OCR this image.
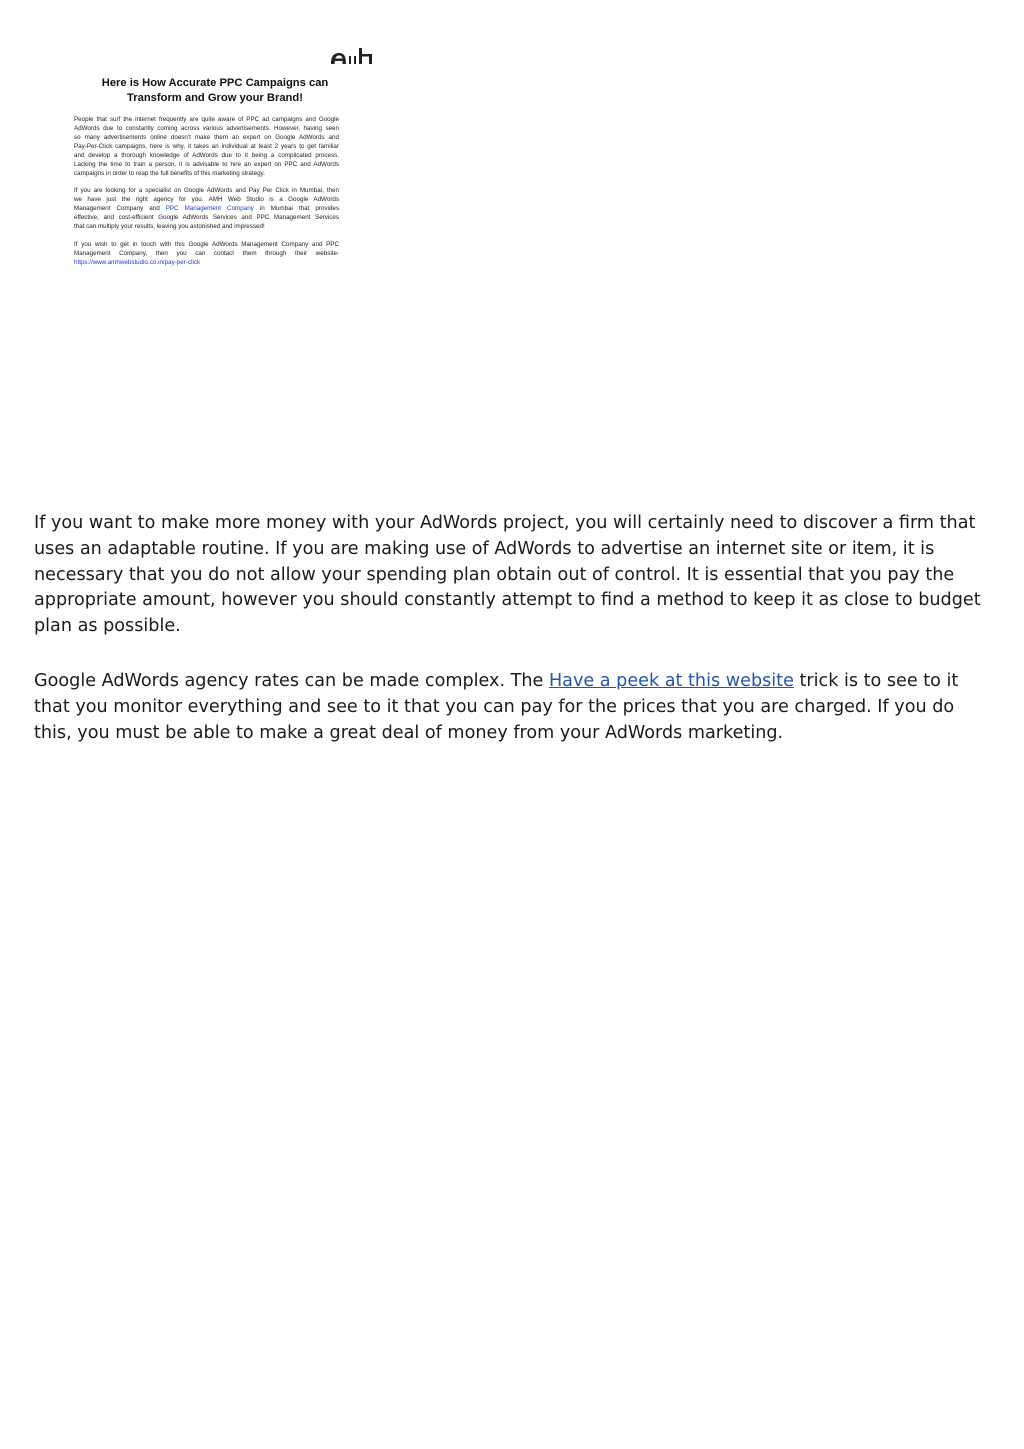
Here is How Accurate PPC Campaigns can
Transform and Grow your Brand!
People that surf the internet frequently are quite aware of PPC ad campaigns and Google
AdWords due to constantly coming across various advertisements. However, having seen
so many advertisements online doesn't make them an expert on Google AdWords and
Pay-Per-Click campaigns, here is why, it takes an individual at least 2 years to get familiar
and develop a thorough knowledge of AdWords due to it being a complicated process.
Lacking the time to train a person, it is advisable to hire an expert on PPC and AdWords
campaigns in order to reap the full benefits of this marketing strategy.
If you are looking for a specialist on Google AdWords and Pay Per Click in Mumbai, then
we have just the right agency for you. AMH Web Studio is a Google AdWords
Management Company and PPC Management Company in Mumbai that provides
effective, and cost-efficient Google AdWords Services and PPC Management Services
that can multiply your results, leaving you astonished and impressed!
If you wish to get in touch with this Google AdWords Management Company and PPC
Management Company, then you can contact them through their website-
https://www.amhwebstudio.co.in/pay-per-click

If you want to make more money with your AdWords project, you will certainly need to discover a firm that uses an adaptable routine. If you are making use of AdWords to advertise an internet site or item, it is necessary that you do not allow your spending plan obtain out of control. It is essential that you pay the appropriate amount, however you should constantly attempt to find a method to keep it as close to budget plan as possible.

Google AdWords agency rates can be made complex. The Have a peek at this website trick is to see to it that you monitor everything and see to it that you can pay for the prices that you are charged. If you do this, you must be able to make a great deal of money from your AdWords marketing.
